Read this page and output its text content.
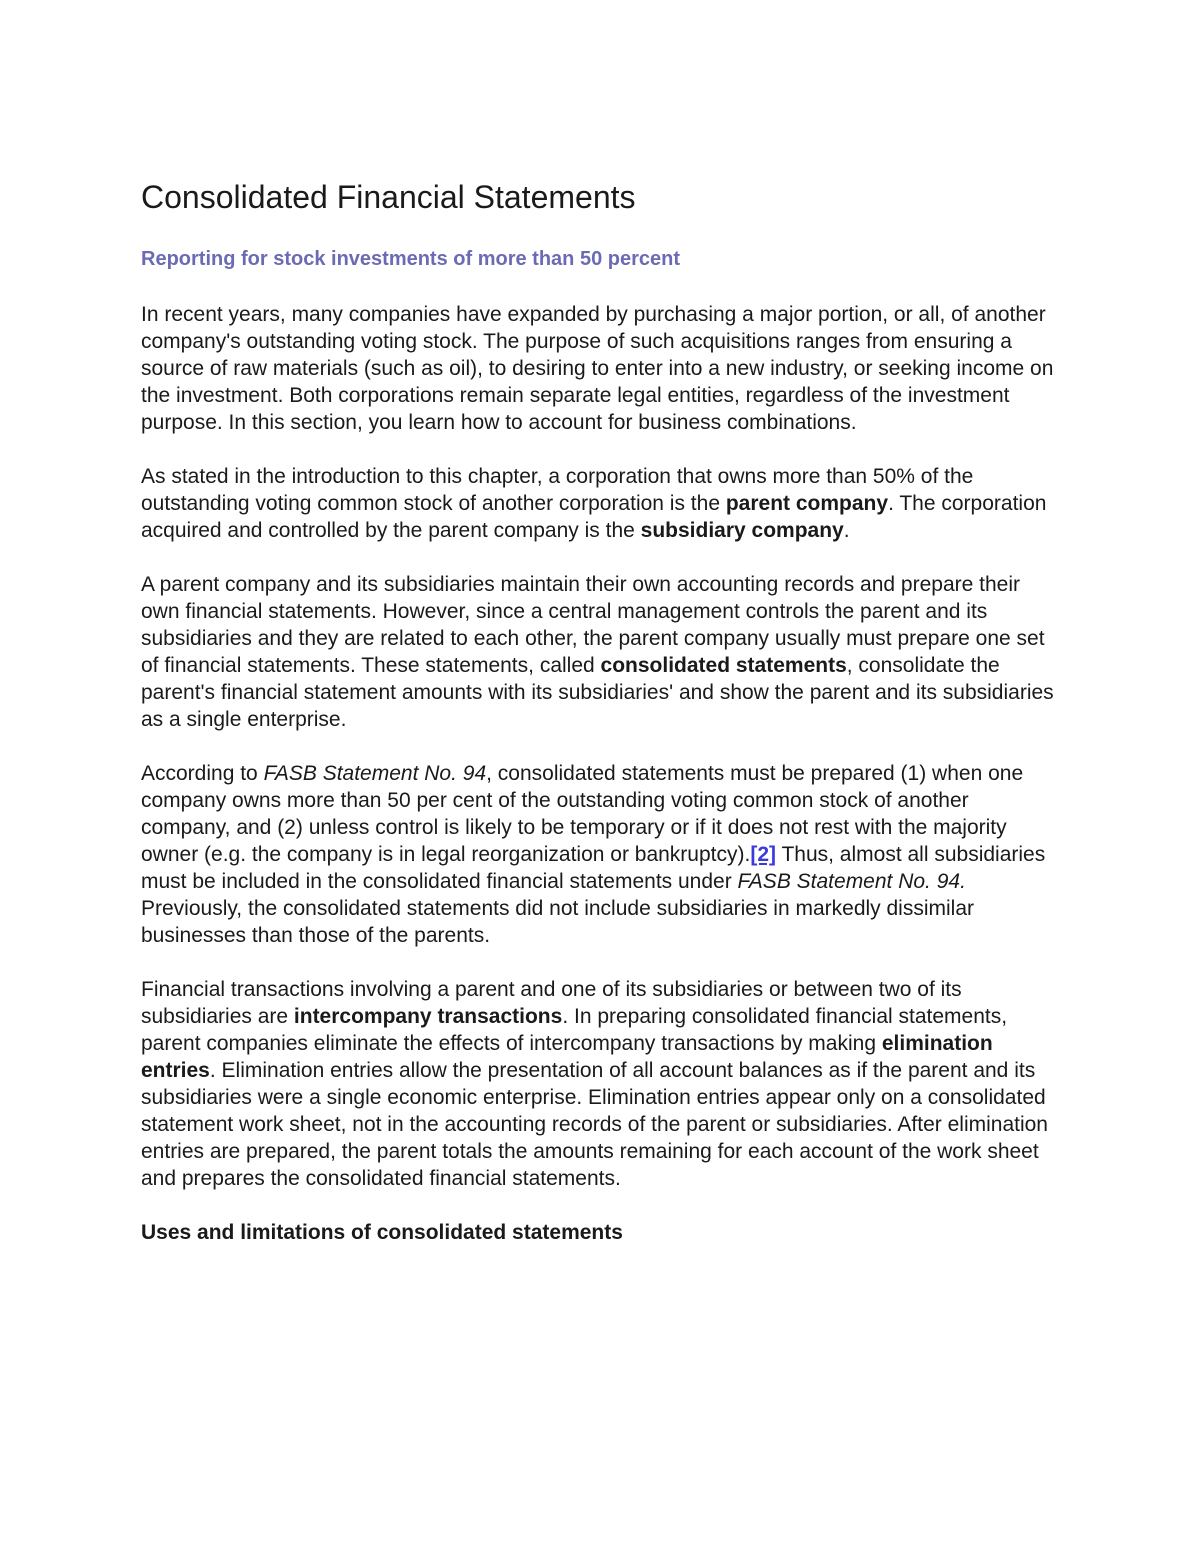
Consolidated Financial Statements
Reporting for stock investments of more than 50 percent

In recent years, many companies have expanded by purchasing a major portion, or all, of another company's outstanding voting stock. The purpose of such acquisitions ranges from ensuring a source of raw materials (such as oil), to desiring to enter into a new industry, or seeking income on the investment. Both corporations remain separate legal entities, regardless of the investment purpose. In this section, you learn how to account for business combinations.

As stated in the introduction to this chapter, a corporation that owns more than 50% of the outstanding voting common stock of another corporation is the parent company. The corporation acquired and controlled by the parent company is the subsidiary company.

A parent company and its subsidiaries maintain their own accounting records and prepare their own financial statements. However, since a central management controls the parent and its subsidiaries and they are related to each other, the parent company usually must prepare one set of financial statements. These statements, called consolidated statements, consolidate the parent's financial statement amounts with its subsidiaries' and show the parent and its subsidiaries as a single enterprise.

According to FASB Statement No. 94, consolidated statements must be prepared (1) when one company owns more than 50 per cent of the outstanding voting common stock of another company, and (2) unless control is likely to be temporary or if it does not rest with the majority owner (e.g. the company is in legal reorganization or bankruptcy).[2] Thus, almost all subsidiaries must be included in the consolidated financial statements under FASB Statement No. 94. Previously, the consolidated statements did not include subsidiaries in markedly dissimilar businesses than those of the parents.

Financial transactions involving a parent and one of its subsidiaries or between two of its subsidiaries are intercompany transactions. In preparing consolidated financial statements, parent companies eliminate the effects of intercompany transactions by making elimination entries. Elimination entries allow the presentation of all account balances as if the parent and its subsidiaries were a single economic enterprise. Elimination entries appear only on a consolidated statement work sheet, not in the accounting records of the parent or subsidiaries. After elimination entries are prepared, the parent totals the amounts remaining for each account of the work sheet and prepares the consolidated financial statements.

Uses and limitations of consolidated statements
